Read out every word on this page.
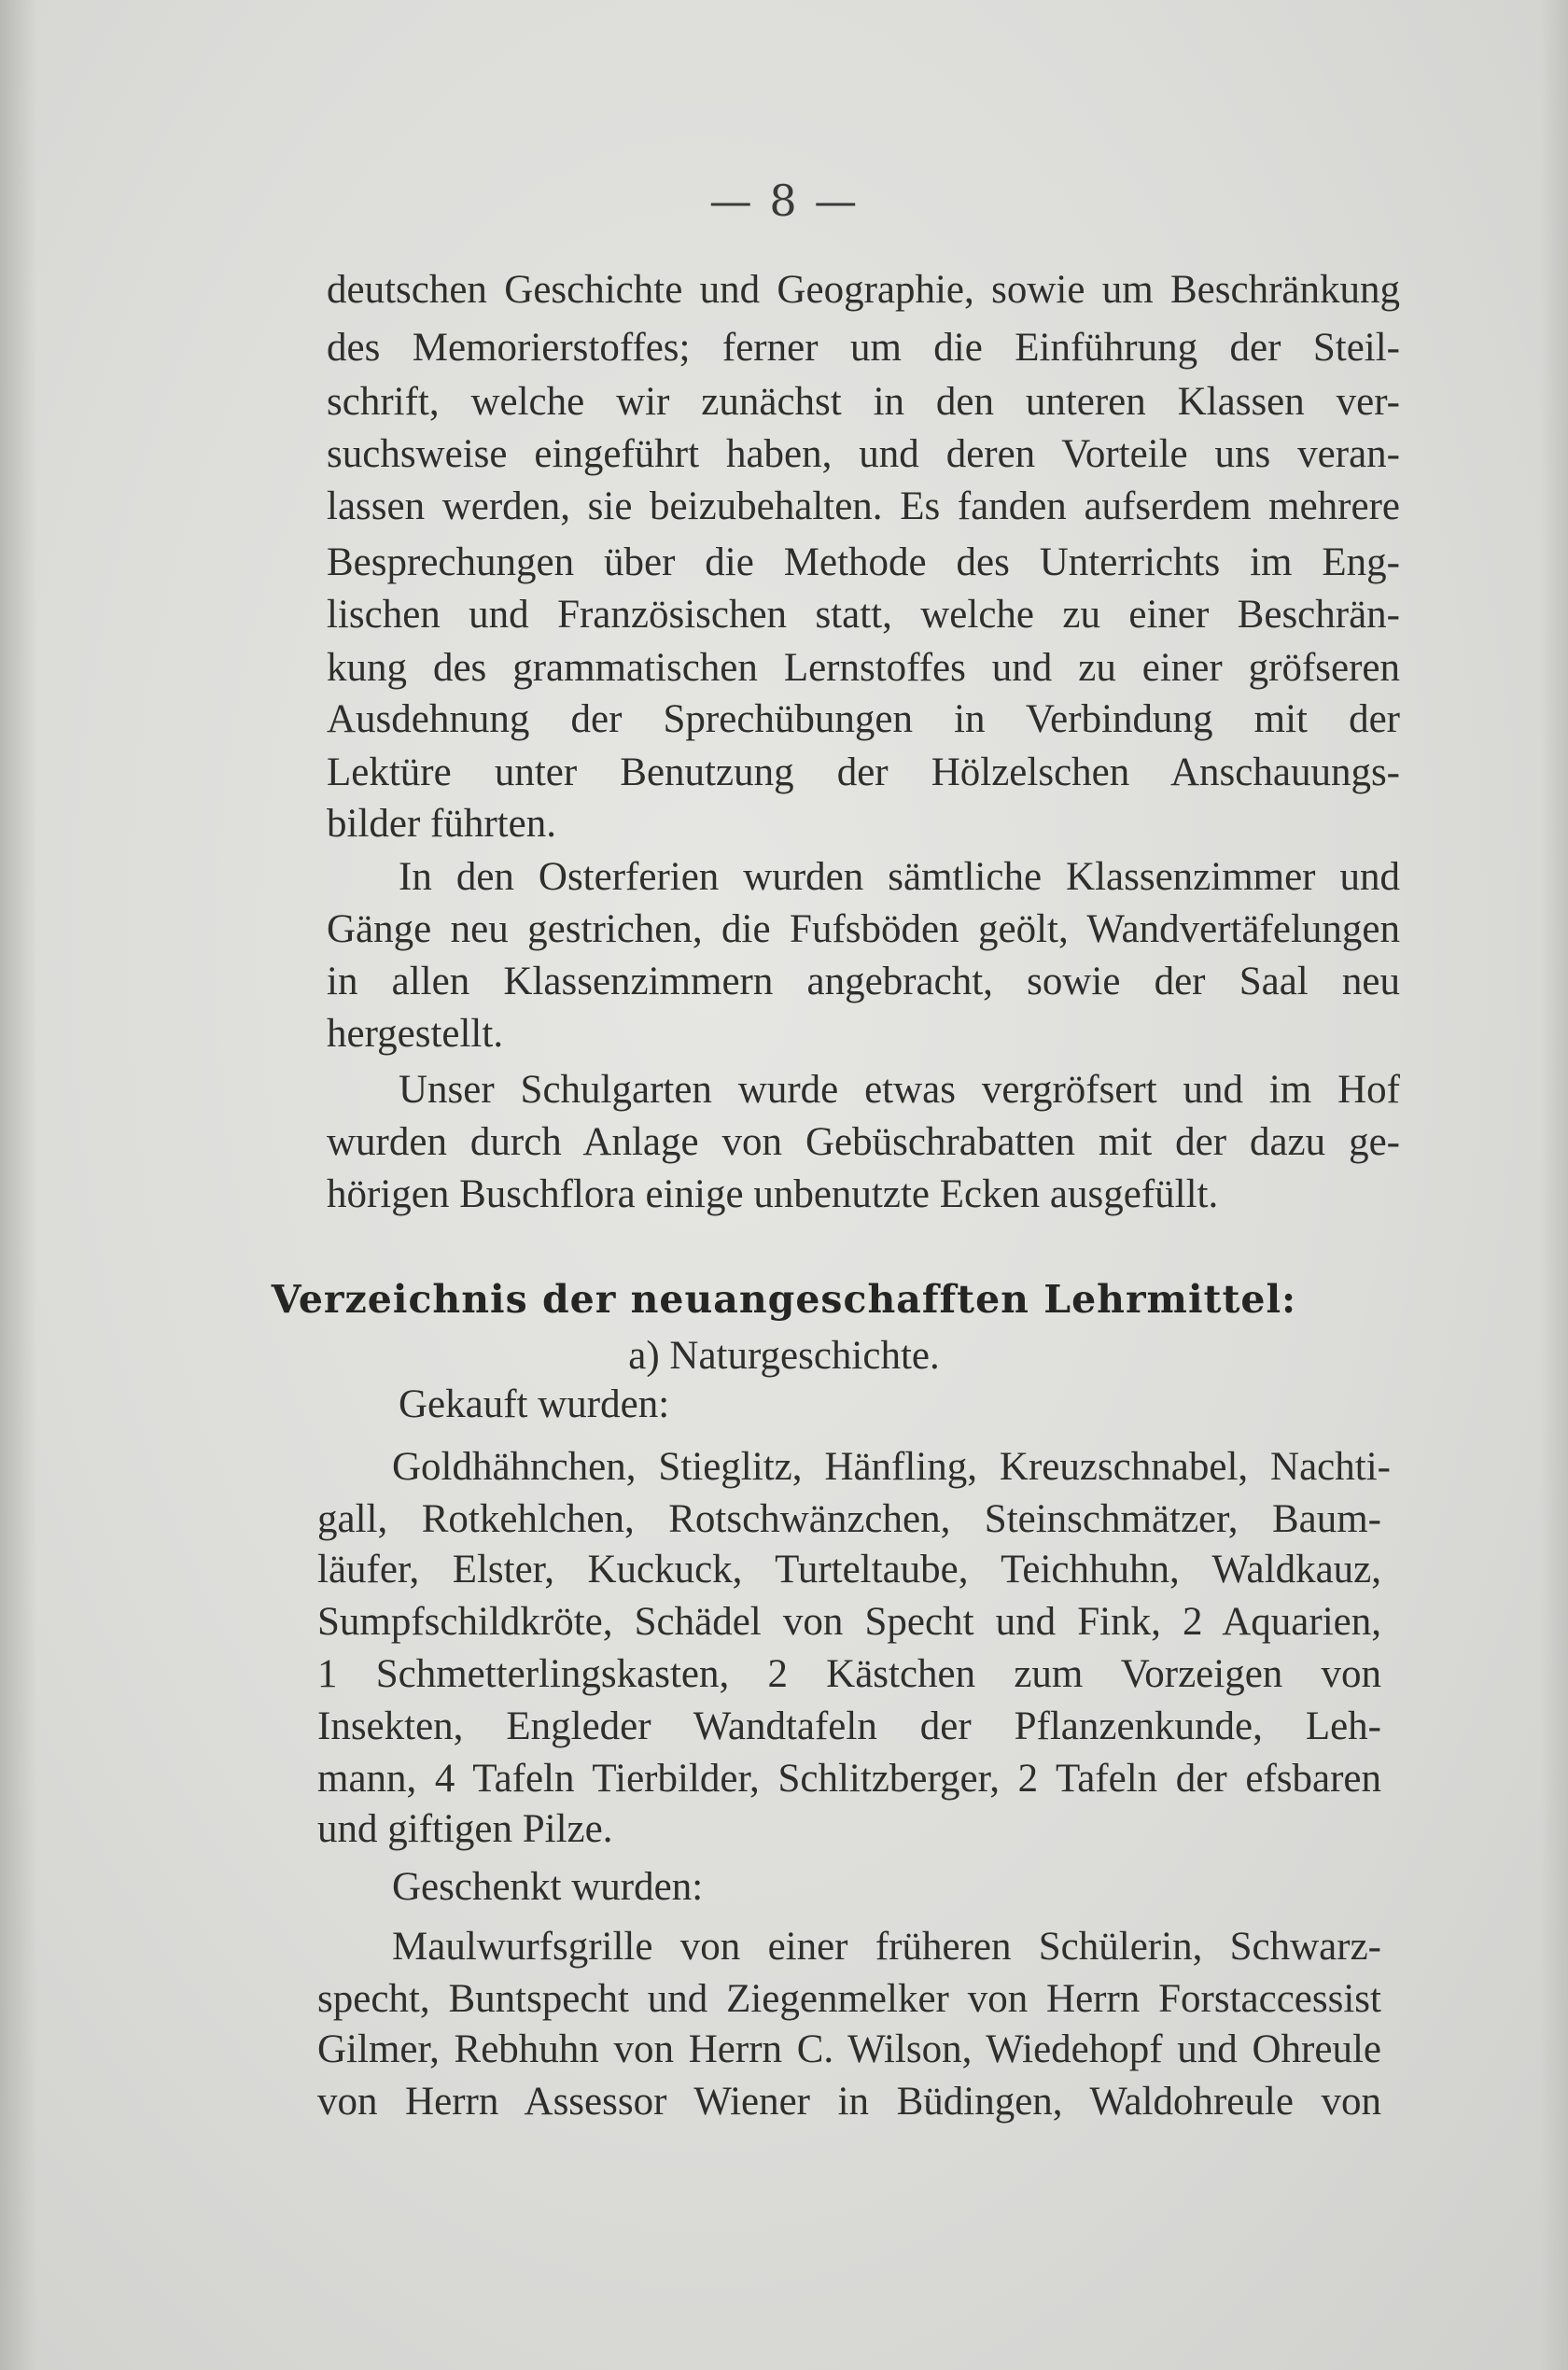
— 8 —
deutschen Geschichte und Geographie, sowie um Beschränkung
des Memorierstoffes; ferner um die Einführung der Steil-
schrift, welche wir zunächst in den unteren Klassen ver-
suchsweise eingeführt haben, und deren Vorteile uns veran-
lassen werden, sie beizubehalten. Es fanden aufserdem mehrere
Besprechungen über die Methode des Unterrichts im Eng-
lischen und Französischen statt, welche zu einer Beschrän-
kung des grammatischen Lernstoffes und zu einer gröfseren
Ausdehnung der Sprechübungen in Verbindung mit der
Lektüre unter Benutzung der Hölzelschen Anschauungs-
bilder führten.
In den Osterferien wurden sämtliche Klassenzimmer und
Gänge neu gestrichen, die Fufsböden geölt, Wandvertäfelungen
in allen Klassenzimmern angebracht, sowie der Saal neu
hergestellt.
Unser Schulgarten wurde etwas vergröfsert und im Hof
wurden durch Anlage von Gebüschrabatten mit der dazu ge-
hörigen Buschflora einige unbenutzte Ecken ausgefüllt.
Verzeichnis der neuangeschafften Lehrmittel:
a) Naturgeschichte.
Gekauft wurden:
Goldhähnchen, Stieglitz, Hänfling, Kreuzschnabel, Nachti-
gall, Rotkehlchen, Rotschwänzchen, Steinschmätzer, Baum-
läufer, Elster, Kuckuck, Turteltaube, Teichhuhn, Waldkauz,
Sumpfschildkröte, Schädel von Specht und Fink, 2 Aquarien,
1 Schmetterlingskasten, 2 Kästchen zum Vorzeigen von
Insekten, Engleder Wandtafeln der Pflanzenkunde, Leh-
mann, 4 Tafeln Tierbilder, Schlitzberger, 2 Tafeln der efsbaren
und giftigen Pilze.
Geschenkt wurden:
Maulwurfsgrille von einer früheren Schülerin, Schwarz-
specht, Buntspecht und Ziegenmelker von Herrn Forstaccessist
Gilmer, Rebhuhn von Herrn C. Wilson, Wiedehopf und Ohreule
von Herrn Assessor Wiener in Büdingen, Waldohreule von
